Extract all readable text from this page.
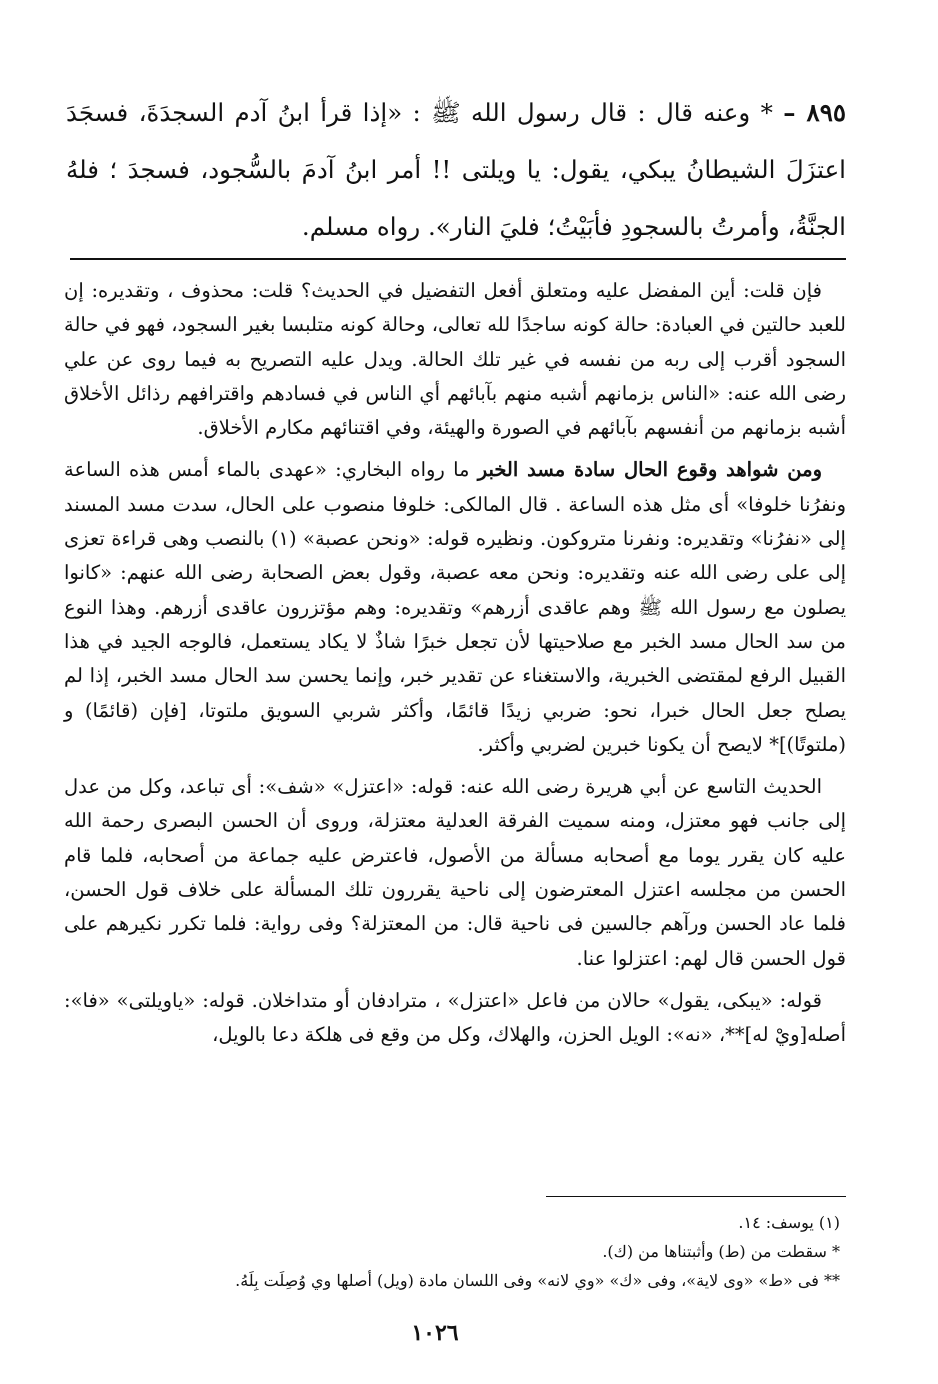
٨٩٥ – * وعنه قال : قال رسول الله ﷺ : «إذا قرأ ابنُ آدم السجدَةَ، فسجَدَ اعتزَلَ الشيطانُ يبكي، يقول: يا ويلتى !! أمر ابنُ آدمَ بالسُّجود، فسجدَ ؛ فلهُ الجنَّةُ، وأمرتُ بالسجودِ فأبَيْتُ؛ فليَ النار». رواه مسلم.

فإن قلت: أين المفضل عليه ومتعلق أفعل التفضيل في الحديث؟ قلت: محذوف ، وتقديره: إن للعبد حالتين في العبادة: حالة كونه ساجدًا لله تعالى، وحالة كونه متلبسا بغير السجود، فهو في حالة السجود أقرب إلى ربه من نفسه في غير تلك الحالة. ويدل عليه التصريح به فيما روى عن علي رضى الله عنه: «الناس بزمانهم أشبه منهم بآبائهم أي الناس في فسادهم واقترافهم رذائل الأخلاق أشبه بزمانهم من أنفسهم بآبائهم في الصورة والهيئة، وفي اقتنائهم مكارم الأخلاق.

ومن شواهد وقوع الحال سادة مسد الخبر ما رواه البخاري: «عهدى بالماء أمس هذه الساعة ونفرُنا خلوفا» أى مثل هذه الساعة . قال المالكى: خلوفا منصوب على الحال، سدت مسد المسند إلى «نفرُنا» وتقديره: ونفرنا متروكون. ونظيره قوله: «ونحن عصبة» (١) بالنصب وهى قراءة تعزى إلى على رضى الله عنه وتقديره: ونحن معه عصبة، وقول بعض الصحابة رضى الله عنهم: «كانوا يصلون مع رسول الله ﷺ وهم عاقدى أزرهم» وتقديره: وهم مؤتزرون عاقدى أزرهم. وهذا النوع من سد الحال مسد الخبر مع صلاحيتها لأن تجعل خبرًا شاذٌ لا يكاد يستعمل، فالوجه الجيد في هذا القبيل الرفع لمقتضى الخبرية، والاستغناء عن تقدير خبر، وإنما يحسن سد الحال مسد الخبر، إذا لم يصلح جعل الحال خبرا، نحو: ضربي زيدًا قائمًا، وأكثر شربي السويق ملتوتا، [فإن (قائمًا) و (ملتوتًا)]* لايصح أن يكونا خبرين لضربي وأكثر.

الحديث التاسع عن أبي هريرة رضى الله عنه: قوله: «اعتزل» «شف»: أى تباعد، وكل من عدل إلى جانب فهو معتزل، ومنه سميت الفرقة العدلية معتزلة، وروى أن الحسن البصرى رحمة الله عليه كان يقرر يوما مع أصحابه مسألة من الأصول، فاعترض عليه جماعة من أصحابه، فلما قام الحسن من مجلسه اعتزل المعترضون إلى ناحية يقررون تلك المسألة على خلاف قول الحسن، فلما عاد الحسن ورآهم جالسين فى ناحية قال: من المعتزلة؟ وفى رواية: فلما تكرر نكيرهم على قول الحسن قال لهم: اعتزلوا عنا.

قوله: «يبكى، يقول» حالان من فاعل «اعتزل» ، مترادفان أو متداخلان. قوله: «ياويلتى» «فا»: أصله[ويْ له]**، «نه»: الويل الحزن، والهلاك، وكل من وقع فى هلكة دعا بالويل،

(١) يوسف: ١٤.
* سقطت من (ط) وأثبتناها من (ك).
** فى «ط» «وى لاية»، وفى «ك» «وي لانه» وفى اللسان مادة (ويل) أصلها وي وُصِلَت بِلَهُ.
١٠٢٦
